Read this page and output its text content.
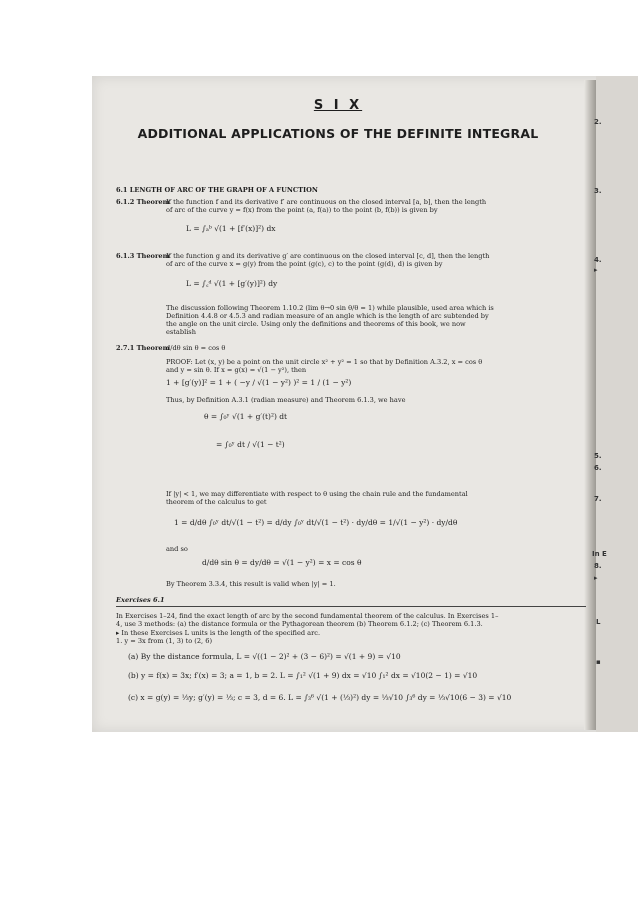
2.
3.
4.
▸
5.
6.
7.
In E
8.
▸
L
▪
S I X
ADDITIONAL APPLICATIONS OF THE DEFINITE INTEGRAL
6.1 LENGTH OF ARC OF THE GRAPH OF A FUNCTION
6.1.2 Theorem
If the function f and its derivative f′ are continuous on the closed interval [a, b], then the length
of arc of the curve y = f(x) from the point (a, f(a)) to the point (b, f(b)) is given by
L = ∫ₐᵇ √(1 + [f′(x)]²) dx
6.1.3 Theorem
If the function g and its derivative g′ are continuous on the closed interval [c, d], then the length
of arc of the curve x = g(y) from the point (g(c), c) to the point (g(d), d) is given by
L = ∫꜀ᵈ √(1 + [g′(y)]²) dy
The discussion following Theorem 1.10.2 (lim θ→0 sin θ/θ = 1) while plausible, used area which is
Definition 4.4.8 or 4.5.3 and radian measure of an angle which is the length of arc subtended by
the angle on the unit circle. Using only the definitions and theorems of this book, we now
establish
2.7.1 Theorem
d/dθ sin θ = cos θ
PROOF: Let (x, y) be a point on the unit circle x² + y² = 1 so that by Definition A.3.2, x = cos θ
and y = sin θ. If x = g(x) = √(1 − y²), then
1 + [g′(y)]² = 1 + ( −y / √(1 − y²) )² = 1 / (1 − y²)
Thus, by Definition A.3.1 (radian measure) and Theorem 6.1.3, we have
θ = ∫₀ʸ √(1 + g′(t)²) dt
= ∫₀ʸ dt / √(1 − t²)
If |y| < 1, we may differentiate with respect to θ using the chain rule and the fundamental
theorem of the calculus to get
1 = d/dθ ∫₀ʸ dt/√(1 − t²) = d/dy ∫₀ʸ dt/√(1 − t²) · dy/dθ = 1/√(1 − y²) · dy/dθ
and so
d/dθ sin θ = dy/dθ = √(1 − y²) = x = cos θ
By Theorem 3.3.4, this result is valid when |y| = 1.
Exercises 6.1
In Exercises 1–24, find the exact length of arc by the second fundamental theorem of the calculus. In Exercises 1–
4, use 3 methods: (a) the distance formula or the Pythagorean theorem (b) Theorem 6.1.2; (c) Theorem 6.1.3.
▸ In these Exercises L units is the length of the specified arc.
1. y = 3x from (1, 3) to (2, 6)
(a) By the distance formula, L = √((1 − 2)² + (3 − 6)²) = √(1 + 9) = √10
(b) y = f(x) = 3x; f′(x) = 3; a = 1, b = 2. L = ∫₁² √(1 + 9) dx = √10 ∫₁² dx = √10(2 − 1) = √10
(c) x = g(y) = ⅓y; g′(y) = ⅓; c = 3, d = 6. L = ∫₃⁶ √(1 + (⅓)²) dy = ⅓√10 ∫₃⁶ dy = ⅓√10(6 − 3) = √10
